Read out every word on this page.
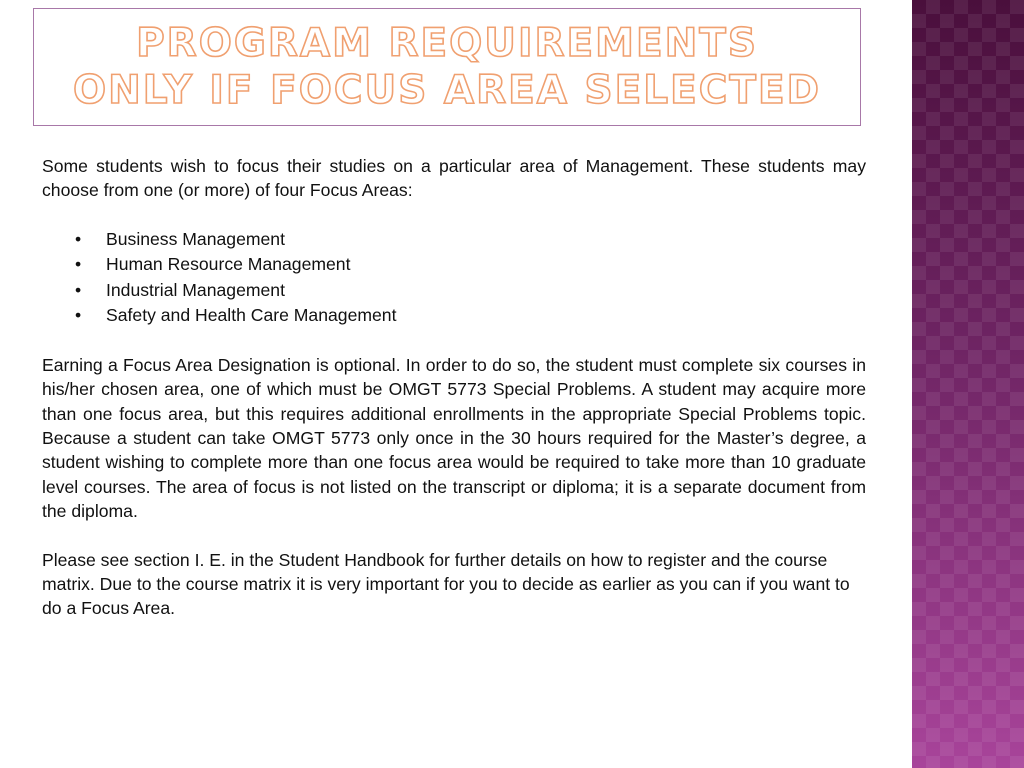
PROGRAM REQUIREMENTS
ONLY IF FOCUS AREA SELECTED

Some students wish to focus their studies on a particular area of Management. These students may choose from one (or more) of four Focus Areas:

• Business Management
• Human Resource Management
• Industrial Management
• Safety and Health Care Management

Earning a Focus Area Designation is optional. In order to do so, the student must complete six courses in his/her chosen area, one of which must be OMGT 5773 Special Problems. A student may acquire more than one focus area, but this requires additional enrollments in the appropriate Special Problems topic. Because a student can take OMGT 5773 only once in the 30 hours required for the Master’s degree, a student wishing to complete more than one focus area would be required to take more than 10 graduate level courses. The area of focus is not listed on the transcript or diploma; it is a separate document from the diploma.

Please see section I. E. in the Student Handbook for further details on how to register and the course matrix. Due to the course matrix it is very important for you to decide as earlier as you can if you want to do a Focus Area.
